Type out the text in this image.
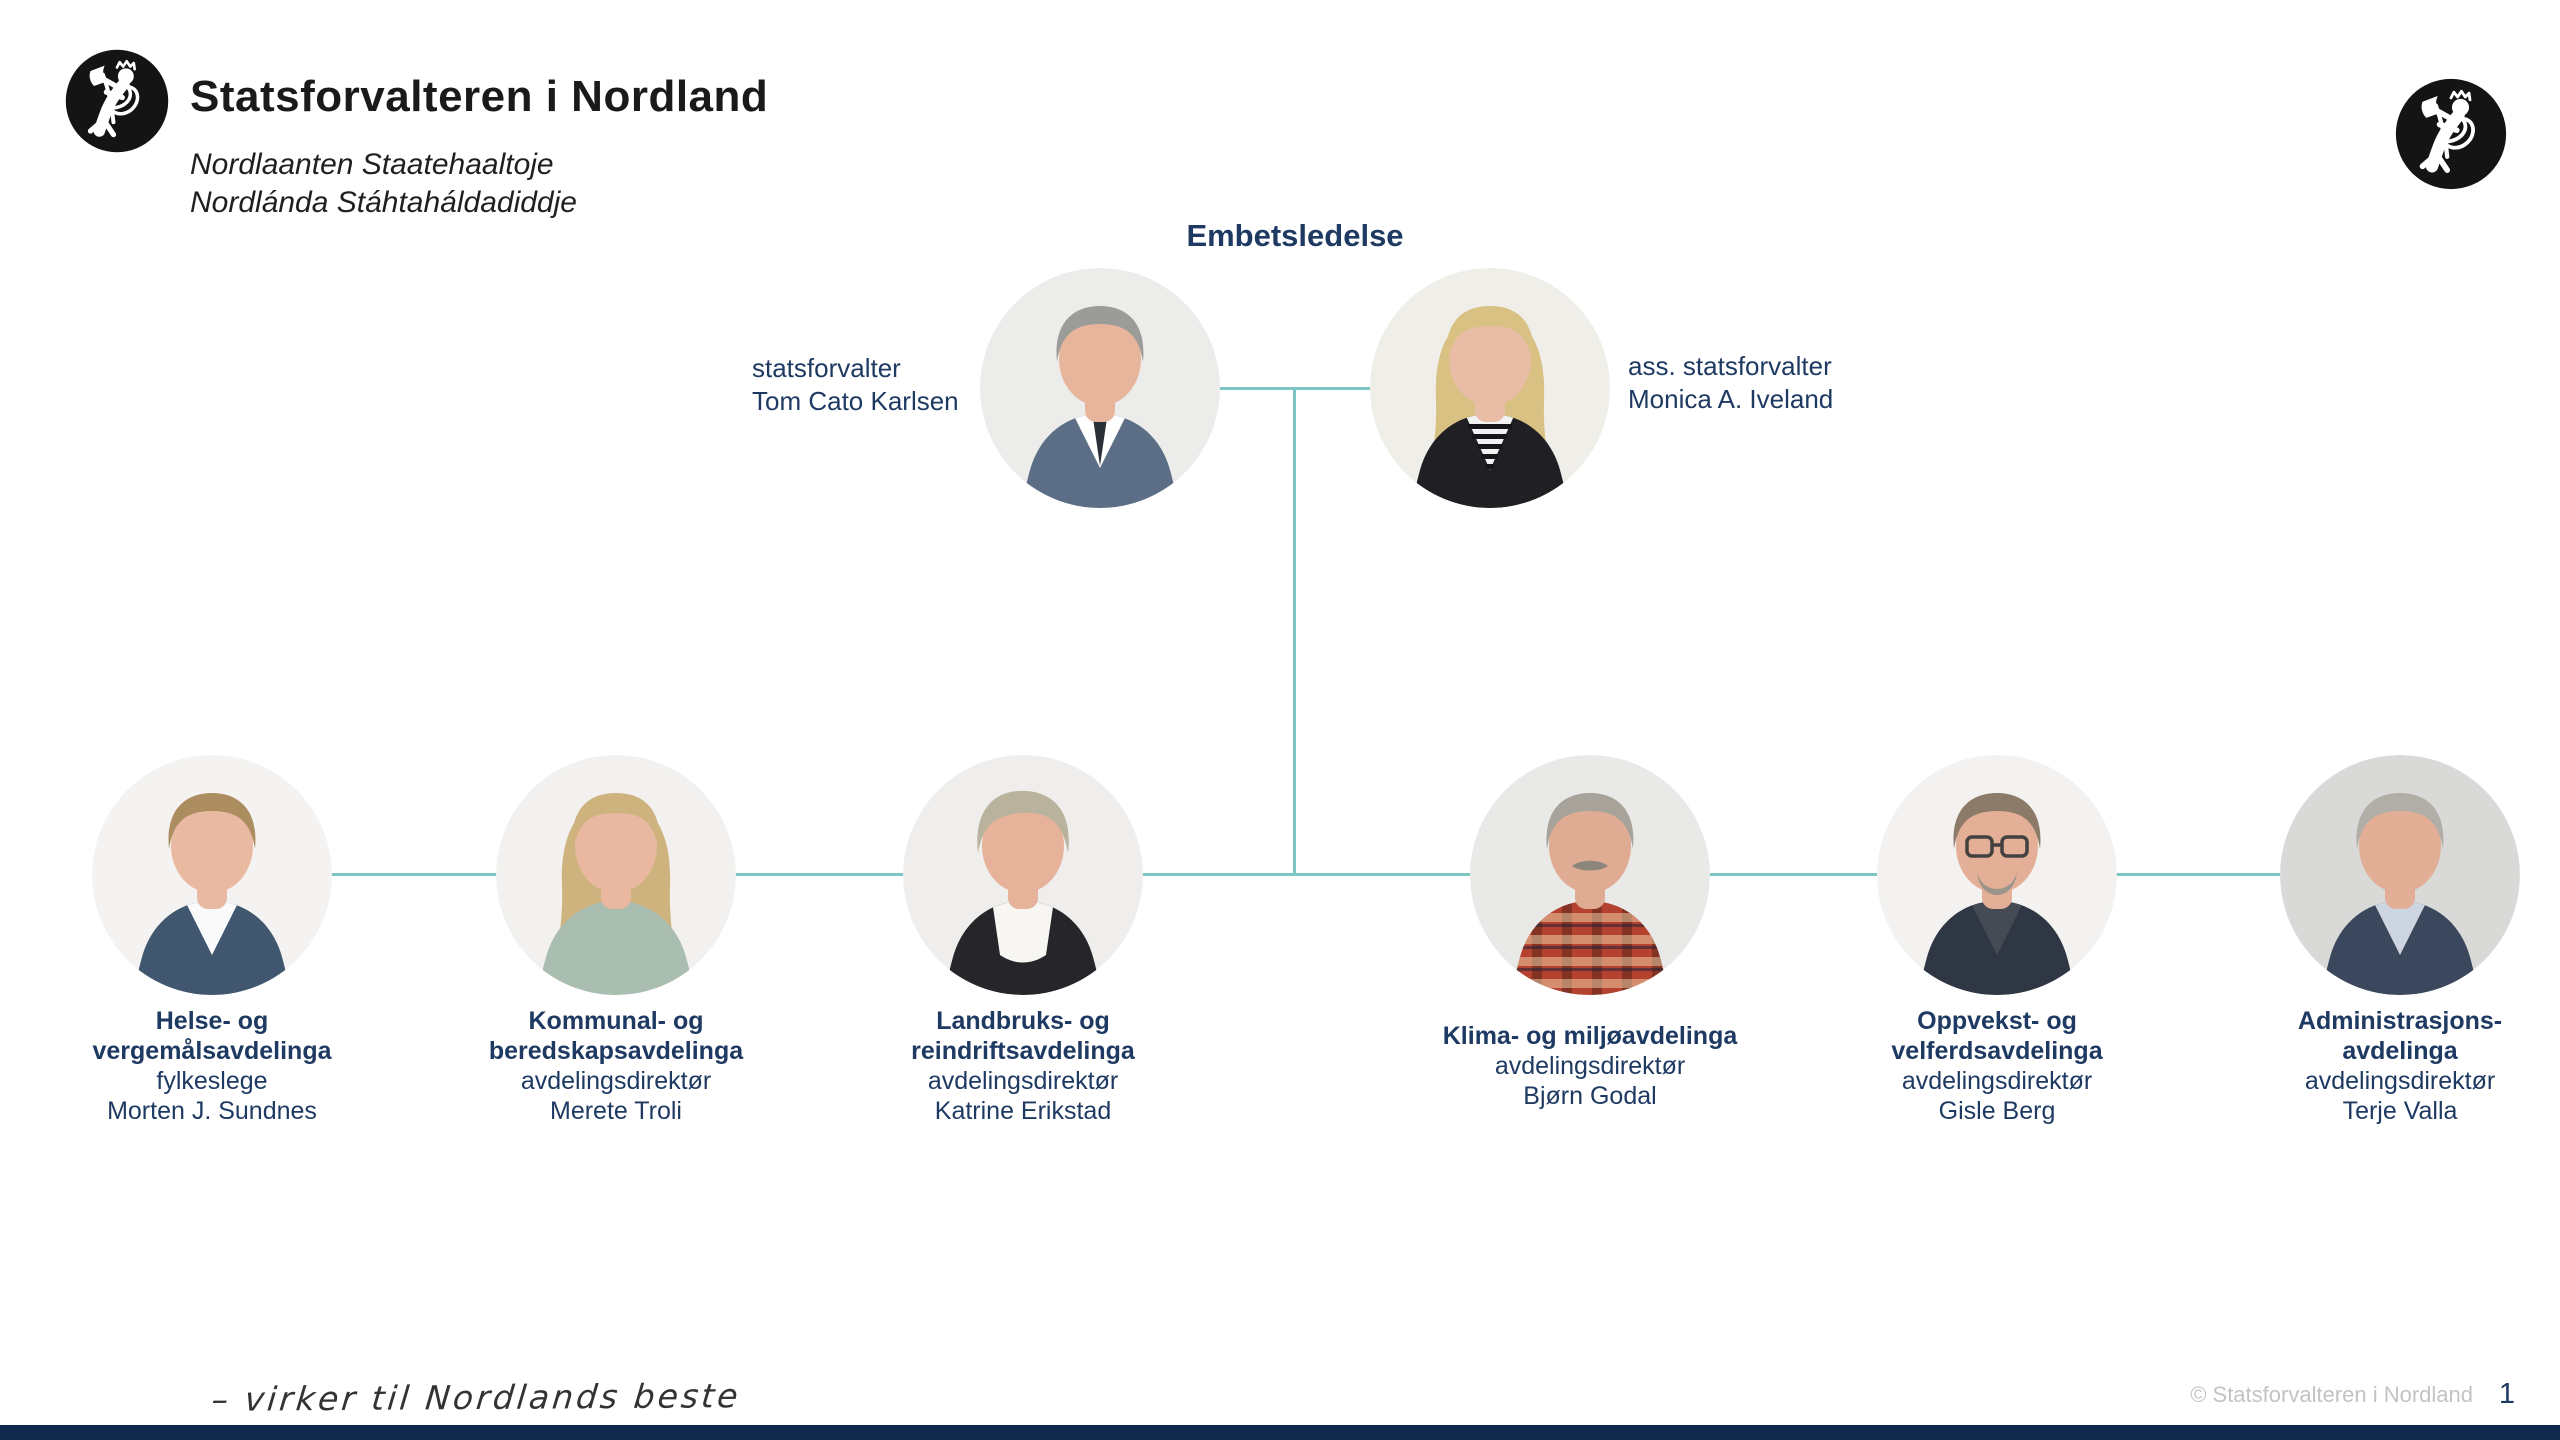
Statsforvalteren i Nordland
Nordlaanten Staatehaaltoje
Nordlánda Stáhtaháldadiddje
Embetsledelse
statsforvalter
Tom Cato Karlsen
ass. statsforvalter
Monica A. Iveland
Helse- og
vergemålsavdelinga
fylkeslege
Morten J. Sundnes
Kommunal- og
beredskapsavdelinga
avdelingsdirektør
Merete Troli
Landbruks- og
reindriftsavdelinga
avdelingsdirektør
Katrine Erikstad
Klima- og miljøavdelinga
avdelingsdirektør
Bjørn Godal
Oppvekst- og
velferdsavdelinga
avdelingsdirektør
Gisle Berg
Administrasjons-
avdelinga
avdelingsdirektør
Terje Valla
– virker til Nordlands beste	© Statsforvalteren i Nordland 1
